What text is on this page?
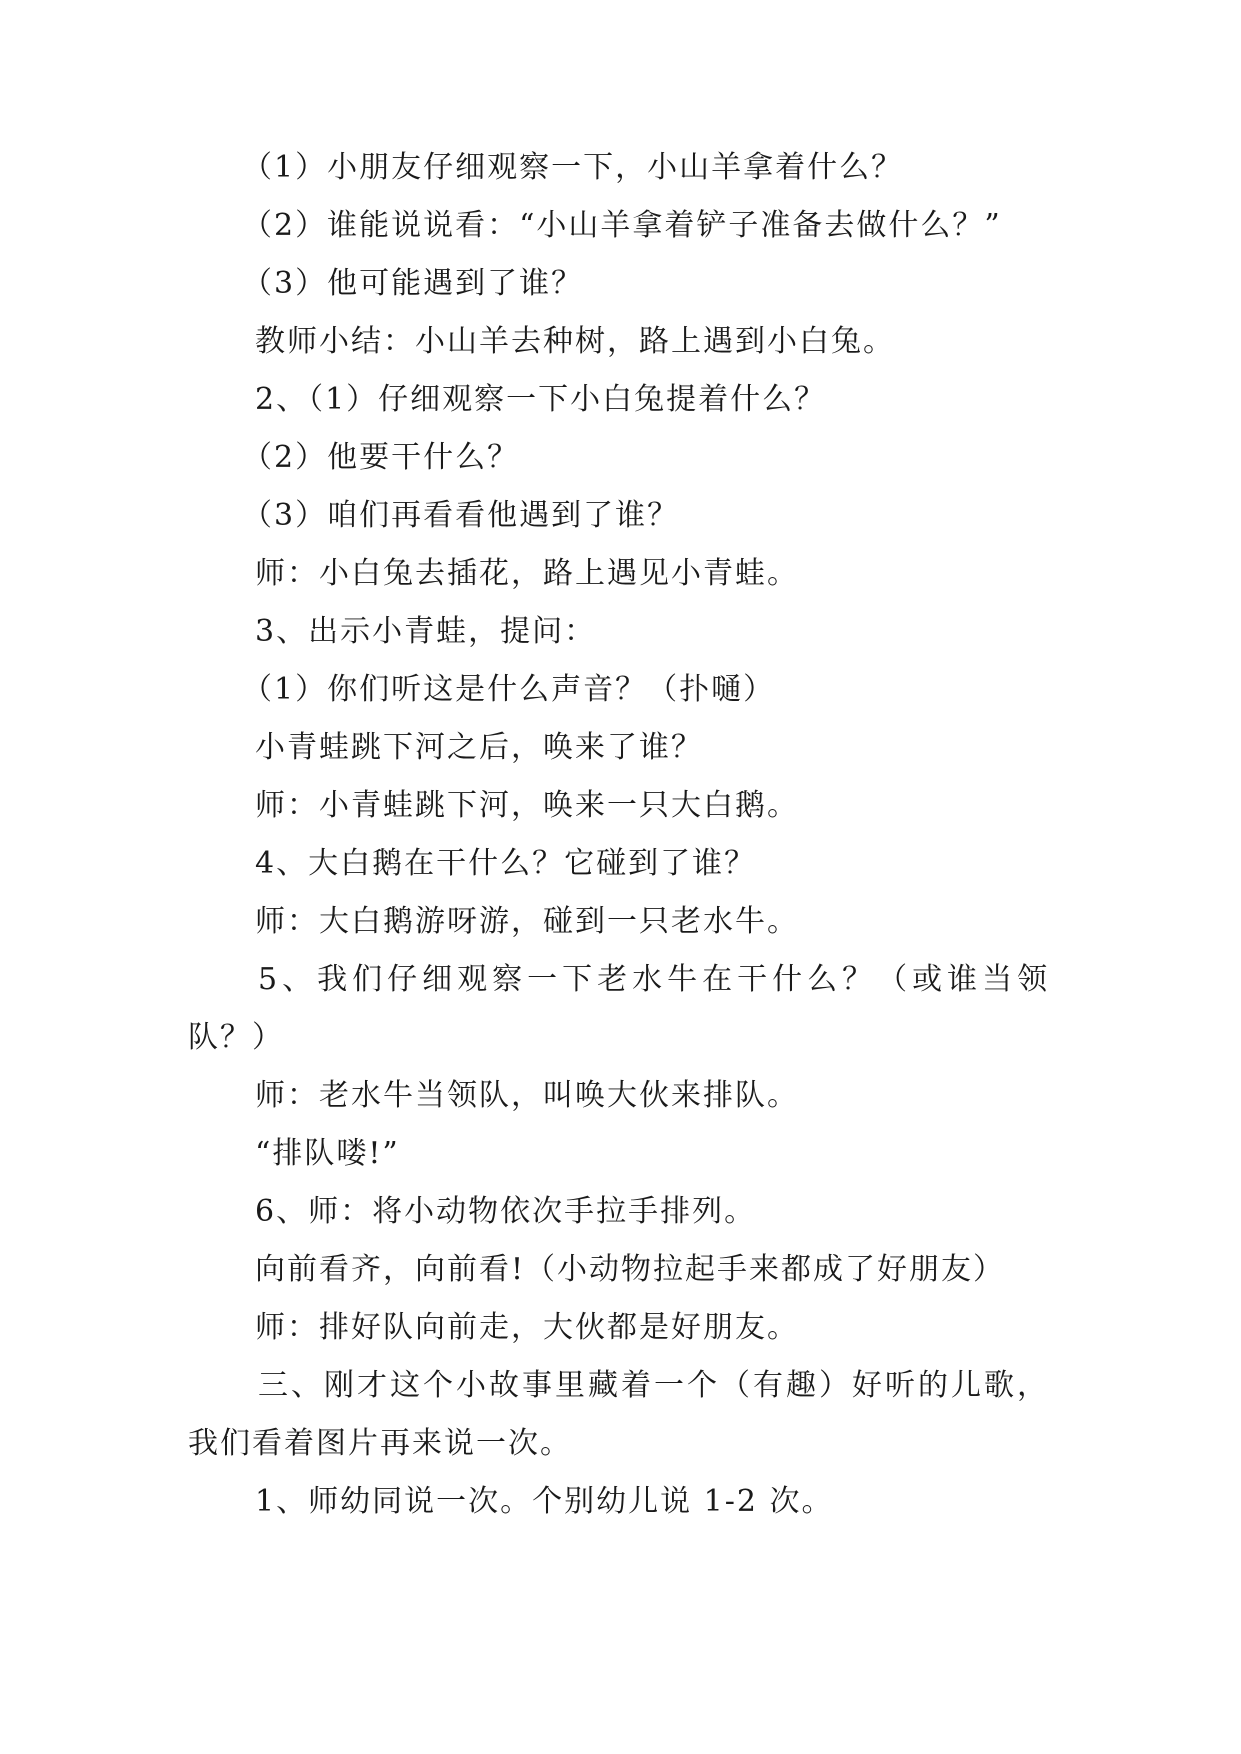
（1）小朋友仔细观察一下，小山羊拿着什么？
（2）谁能说说看：“小山羊拿着铲子准备去做什么？”
（3）他可能遇到了谁？
教师小结：小山羊去种树，路上遇到小白兔。
2、（1）仔细观察一下小白兔提着什么？
（2）他要干什么？
（3）咱们再看看他遇到了谁？
师：小白兔去插花，路上遇见小青蛙。
3、出示小青蛙，提问：
（1）你们听这是什么声音？（扑嗵）
小青蛙跳下河之后，唤来了谁？
师：小青蛙跳下河，唤来一只大白鹅。
4、大白鹅在干什么？它碰到了谁？
师：大白鹅游呀游，碰到一只老水牛。
5、我们仔细观察一下老水牛在干什么？（或谁当领
队？）
师：老水牛当领队，叫唤大伙来排队。
“排队喽!”
6、师：将小动物依次手拉手排列。
向前看齐，向前看!（小动物拉起手来都成了好朋友）
师：排好队向前走，大伙都是好朋友。
三、刚才这个小故事里藏着一个（有趣）好听的儿歌，
我们看着图片再来说一次。
1、师幼同说一次。个别幼儿说 1-2 次。
